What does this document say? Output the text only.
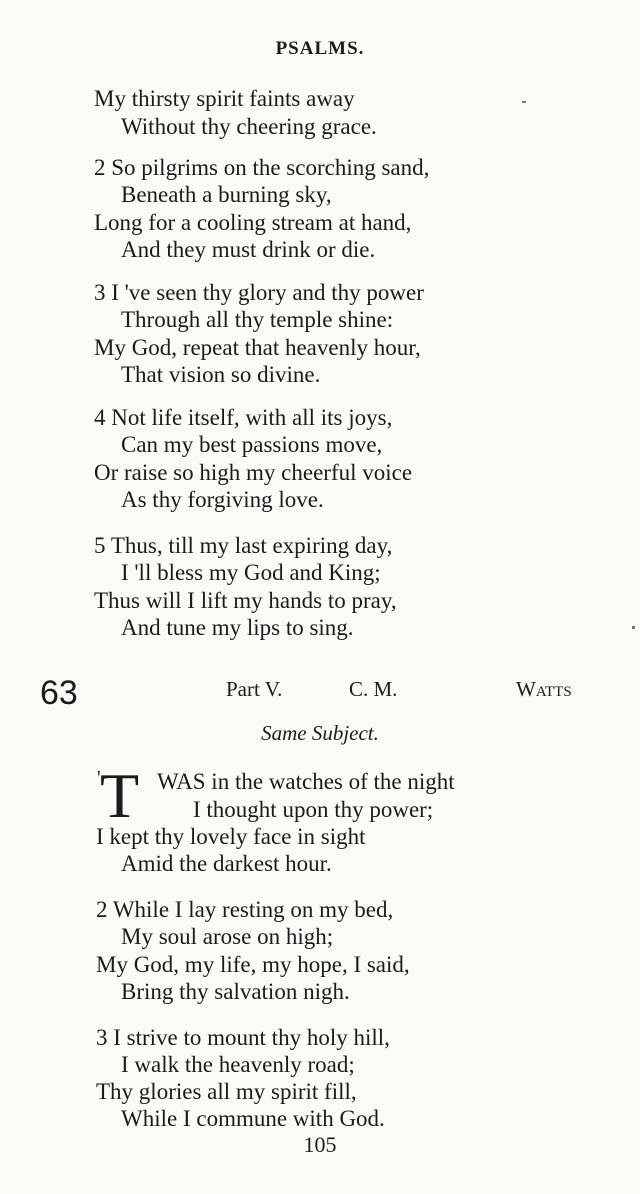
PSALMS.
My thirsty spirit faints away
Without thy cheering grace.
2 So pilgrims on the scorching sand,
Beneath a burning sky,
Long for a cooling stream at hand,
And they must drink or die.
3 I 've seen thy glory and thy power
Through all thy temple shine:
My God, repeat that heavenly hour,
That vision so divine.
4 Not life itself, with all its joys,
Can my best passions move,
Or raise so high my cheerful voice
As thy forgiving love.
5 Thus, till my last expiring day,
I 'll bless my God and King;
Thus will I lift my hands to pray,
And tune my lips to sing.
63	Part V.	C. M.	Watts
Same Subject.
' T WAS in the watches of the night
I thought upon thy power;
I kept thy lovely face in sight
Amid the darkest hour.
2 While I lay resting on my bed,
My soul arose on high;
My God, my life, my hope, I said,
Bring thy salvation nigh.
3 I strive to mount thy holy hill,
I walk the heavenly road;
Thy glories all my spirit fill,
While I commune with God.
105
